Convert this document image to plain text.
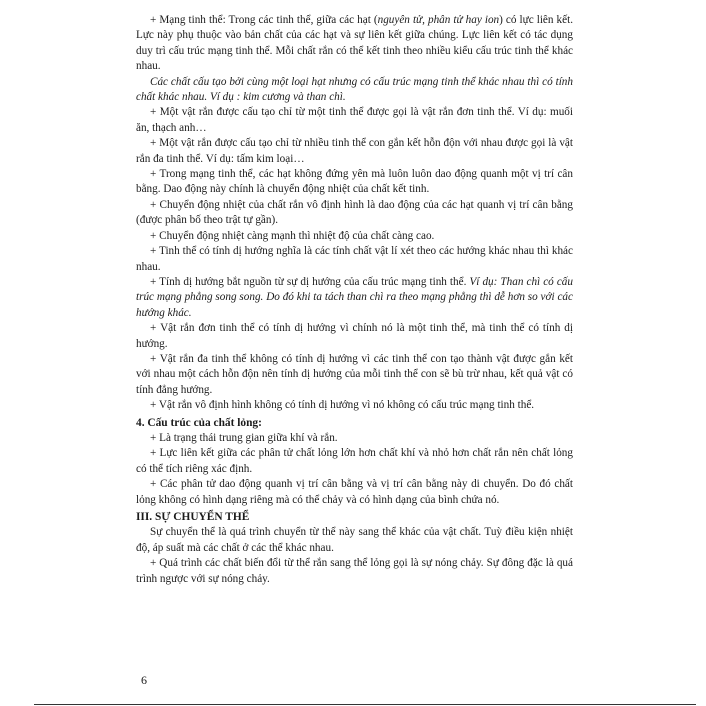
+ Mạng tinh thể: Trong các tinh thể, giữa các hạt (nguyên tử, phân tử hay ion) có lực liên kết. Lực này phụ thuộc vào bản chất của các hạt và sự liên kết giữa chúng. Lực liên kết có tác dụng duy trì cấu trúc mạng tinh thể. Mỗi chất rắn có thể kết tinh theo nhiều kiểu cấu trúc tinh thể khác nhau.

Các chất cấu tạo bởi cùng một loại hạt nhưng có cấu trúc mạng tinh thể khác nhau thì có tính chất khác nhau. Ví dụ : kim cương và than chì.

+ Một vật rắn được cấu tạo chỉ từ một tinh thể được gọi là vật rắn đơn tinh thể. Ví dụ: muối ăn, thạch anh…

+ Một vật rắn được cấu tạo chỉ từ nhiều tinh thể con gắn kết hỗn độn với nhau được gọi là vật rắn đa tinh thể. Ví dụ: tấm kim loại…

+ Trong mạng tinh thể, các hạt không đứng yên mà luôn luôn dao động quanh một vị trí cân bằng. Dao động này chính là chuyển động nhiệt của chất kết tinh.

+ Chuyển động nhiệt của chất rắn vô định hình là dao động của các hạt quanh vị trí cân bằng (được phân bố theo trật tự gần).

+ Chuyển động nhiệt càng mạnh thì nhiệt độ của chất càng cao.

+ Tinh thể có tính dị hướng nghĩa là các tính chất vật lí xét theo các hướng khác nhau thì khác nhau.

+ Tính dị hướng bắt nguồn từ sự dị hướng của cấu trúc mạng tinh thể. Ví dụ: Than chì có cấu trúc mạng phẳng song song. Do đó khi ta tách than chì ra theo mạng phẳng thì dễ hơn so với các hướng khác.

+ Vật rắn đơn tinh thể có tính dị hướng vì chính nó là một tinh thể, mà tinh thể có tính dị hướng.

+ Vật rắn đa tinh thể không có tính dị hướng vì các tinh thể con tạo thành vật được gắn kết với nhau một cách hỗn độn nên tính dị hướng của mỗi tinh thể con sẽ bù trừ nhau, kết quả vật có tính đẳng hướng.

+ Vật rắn vô định hình không có tính dị hướng vì nó không có cấu trúc mạng tinh thể.

4. Cấu trúc của chất lỏng:

+ Là trạng thái trung gian giữa khí và rắn.

+ Lực liên kết giữa các phân tử chất lỏng lớn hơn chất khí và nhỏ hơn chất rắn nên chất lỏng có thể tích riêng xác định.

+ Các phân tử dao động quanh vị trí cân bằng và vị trí cân bằng này di chuyển. Do đó chất lỏng không có hình dạng riêng mà có thể chảy và có hình dạng của bình chứa nó.

III. SỰ CHUYỂN THỂ

Sự chuyển thể là quá trình chuyển từ thể này sang thể khác của vật chất. Tuỳ điều kiện nhiệt độ, áp suất mà các chất ở các thể khác nhau.

+ Quá trình các chất biến đổi từ thể rắn sang thể lỏng gọi là sự nóng chảy. Sự đông đặc là quá trình ngược với sự nóng chảy.

6
